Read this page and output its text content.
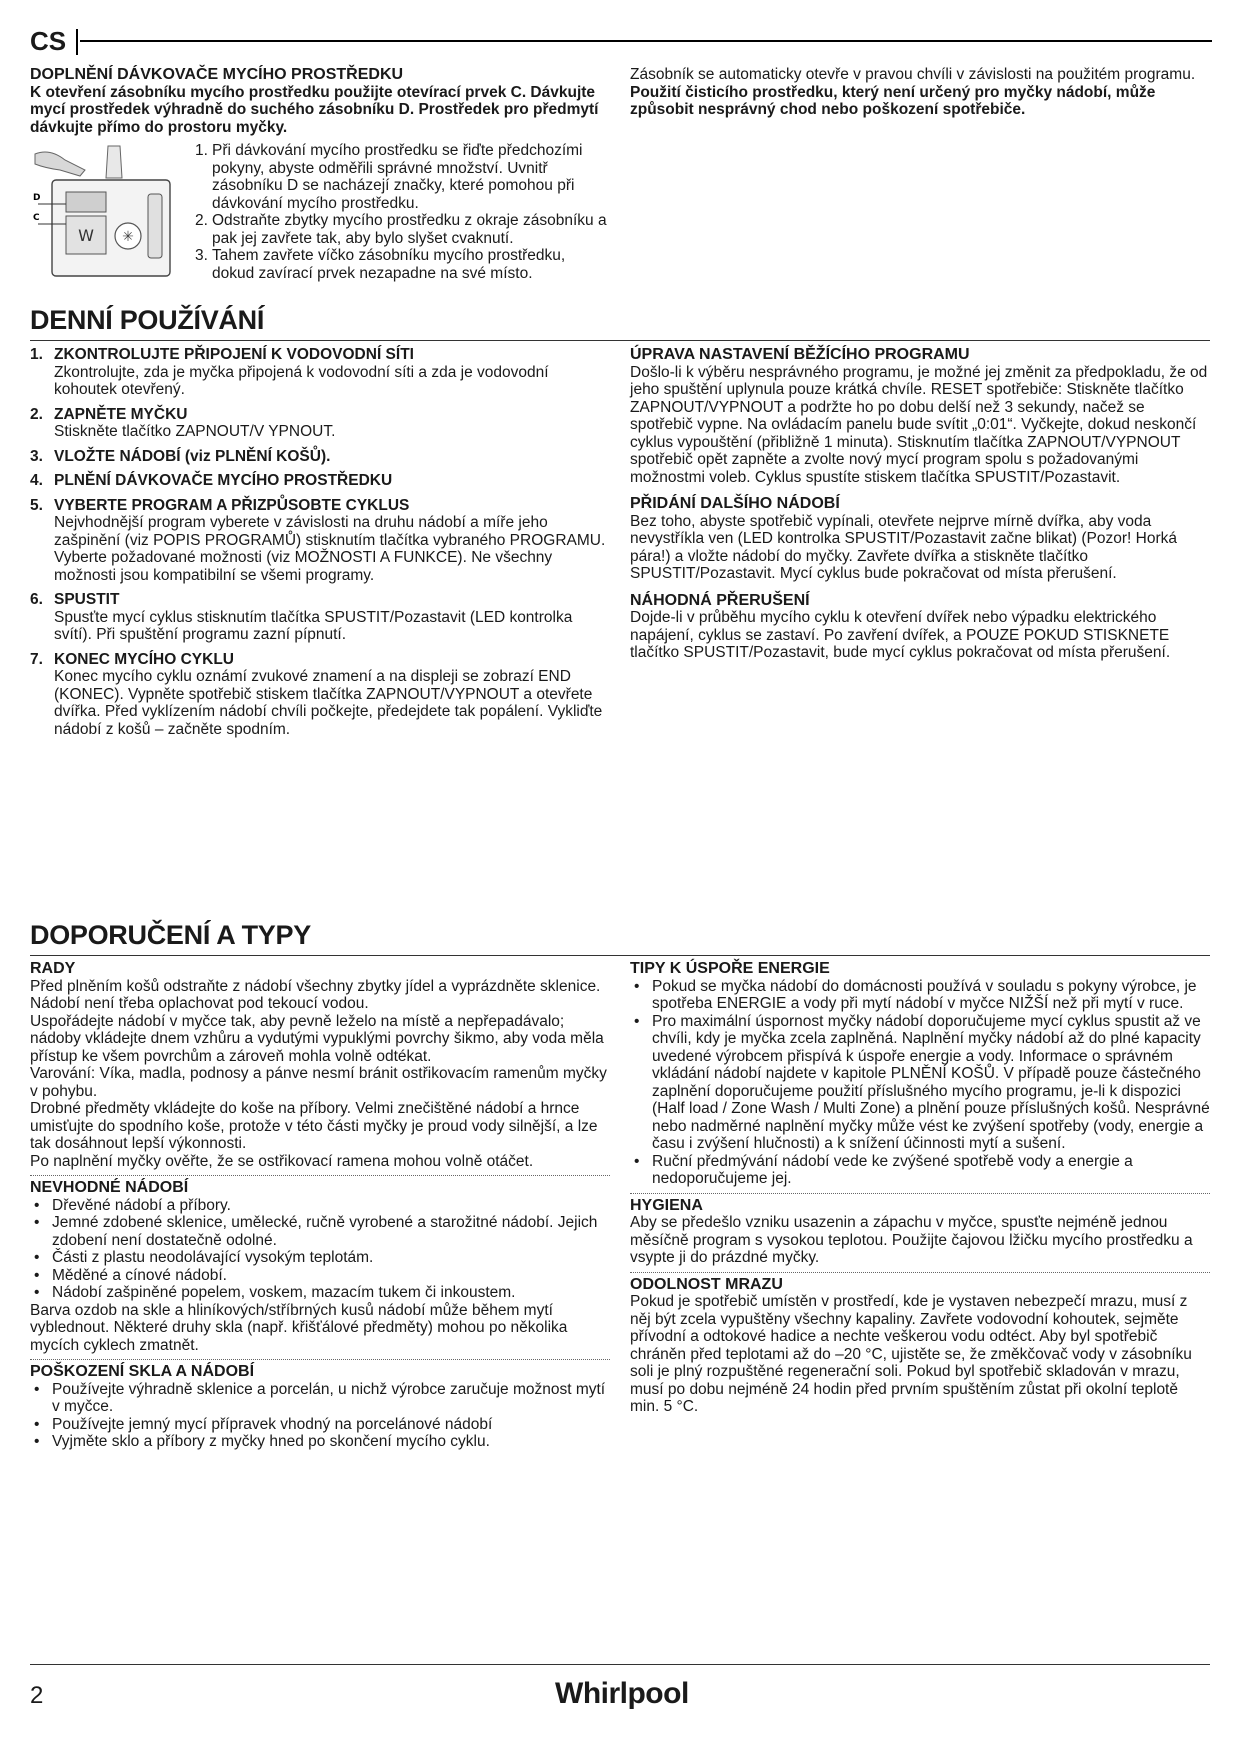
CS

DOPLNĚNÍ DÁVKOVAČE MYCÍHO PROSTŘEDKU

K otevření zásobníku mycího prostředku použijte otevírací prvek C. Dávkujte mycí prostředek výhradně do suchého zásobníku D. Prostředek pro předmytí dávkujte přímo do prostoru myčky.

W ✳
D
C
1. Při dávkování mycího prostředku se řiďte předchozími pokyny, abyste odměřili správné množství. Uvnitř zásobníku D se nacházejí značky, které pomohou při dávkování mycího prostředku.
2. Odstraňte zbytky mycího prostředku z okraje zásobníku a pak jej zavřete tak, aby bylo slyšet cvaknutí.
3. Tahem zavřete víčko zásobníku mycího prostředku, dokud zavírací prvek nezapadne na své místo.

Zásobník se automaticky otevře v pravou chvíli v závislosti na použitém programu.

Použití čisticího prostředku, který není určený pro myčky nádobí, může způsobit nesprávný chod nebo poškození spotřebiče.

DENNÍ POUŽÍVÁNÍ
1. ZKONTROLUJTE PŘIPOJENÍ K VODOVODNÍ SÍTI
Zkontrolujte, zda je myčka připojená k vodovodní síti a zda je vodovodní kohoutek otevřený.
2. ZAPNĚTE MYČKU
Stiskněte tlačítko ZAPNOUT/V YPNOUT.
3. VLOŽTE NÁDOBÍ (viz PLNĚNÍ KOŠŮ).
4. PLNĚNÍ DÁVKOVAČE MYCÍHO PROSTŘEDKU
5. VYBERTE PROGRAM A PŘIZPŮSOBTE CYKLUS
Nejvhodnější program vyberete v závislosti na druhu nádobí a míře jeho zašpinění (viz POPIS PROGRAMŮ) stisknutím tlačítka vybraného PROGRAMU. Vyberte požadované možnosti (viz MOŽNOSTI A FUNKCE). Ne všechny možnosti jsou kompatibilní se všemi programy.
6. SPUSTIT
Spusťte mycí cyklus stisknutím tlačítka SPUSTIT/Pozastavit (LED kontrolka svítí). Při spuštění programu zazní pípnutí.
7. KONEC MYCÍHO CYKLU
Konec mycího cyklu oznámí zvukové znamení a na displeji se zobrazí END (KONEC). Vypněte spotřebič stiskem tlačítka ZAPNOUT/VYPNOUT a otevřete dvířka. Před vyklízením nádobí chvíli počkejte, předejdete tak popálení. Vykliďte nádobí z košů – začněte spodním.

ÚPRAVA NASTAVENÍ BĚŽÍCÍHO PROGRAMU

Došlo-li k výběru nesprávného programu, je možné jej změnit za předpokladu, že od jeho spuštění uplynula pouze krátká chvíle. RESET spotřebiče: Stiskněte tlačítko ZAPNOUT/VYPNOUT a podržte ho po dobu delší než 3 sekundy, načež se spotřebič vypne. Na ovládacím panelu bude svítit „0:01“. Vyčkejte, dokud neskončí cyklus vypouštění (přibližně 1 minuta). Stisknutím tlačítka ZAPNOUT/VYPNOUT spotřebič opět zapněte a zvolte nový mycí program spolu s požadovanými možnostmi voleb. Cyklus spustíte stiskem tlačítka SPUSTIT/Pozastavit.

PŘIDÁNÍ DALŠÍHO NÁDOBÍ

Bez toho, abyste spotřebič vypínali, otevřete nejprve mírně dvířka, aby voda nevystříkla ven (LED kontrolka SPUSTIT/Pozastavit začne blikat) (Pozor! Horká pára!) a vložte nádobí do myčky. Zavřete dvířka a stiskněte tlačítko SPUSTIT/Pozastavit. Mycí cyklus bude pokračovat od místa přerušení.

NÁHODNÁ PŘERUŠENÍ

Dojde-li v průběhu mycího cyklu k otevření dvířek nebo výpadku elektrického napájení, cyklus se zastaví. Po zavření dvířek, a POUZE POKUD STISKNETE tlačítko SPUSTIT/Pozastavit, bude mycí cyklus pokračovat od místa přerušení.

DOPORUČENÍ A TYPY

RADY

Před plněním košů odstraňte z nádobí všechny zbytky jídel a vyprázdněte sklenice. Nádobí není třeba oplachovat pod tekoucí vodou.

Uspořádejte nádobí v myčce tak, aby pevně leželo na místě a nepřepadávalo; nádoby vkládejte dnem vzhůru a vydutými vypuklými povrchy šikmo, aby voda měla přístup ke všem povrchům a zároveň mohla volně odtékat.

Varování: Víka, madla, podnosy a pánve nesmí bránit ostřikovacím ramenům myčky v pohybu.

Drobné předměty vkládejte do koše na příbory. Velmi znečištěné nádobí a hrnce umisťujte do spodního koše, protože v této části myčky je proud vody silnější, a lze tak dosáhnout lepší výkonnosti.

Po naplnění myčky ověřte, že se ostřikovací ramena mohou volně otáčet.

NEVHODNÉ NÁDOBÍ

• Dřevěné nádobí a příbory.
• Jemné zdobené sklenice, umělecké, ručně vyrobené a starožitné nádobí. Jejich zdobení není dostatečně odolné.
• Části z plastu neodolávající vysokým teplotám.
• Měděné a cínové nádobí.
• Nádobí zašpiněné popelem, voskem, mazacím tukem či inkoustem.

Barva ozdob na skle a hliníkových/stříbrných kusů nádobí může během mytí vyblednout. Některé druhy skla (např. křišťálové předměty) mohou po několika mycích cyklech zmatnět.

POŠKOZENÍ SKLA A NÁDOBÍ

• Používejte výhradně sklenice a porcelán, u nichž výrobce zaručuje možnost mytí v myčce.
• Používejte jemný mycí přípravek vhodný na porcelánové nádobí
• Vyjměte sklo a příbory z myčky hned po skončení mycího cyklu.

TIPY K ÚSPOŘE ENERGIE

• Pokud se myčka nádobí do domácnosti používá v souladu s pokyny výrobce, je spotřeba ENERGIE a vody při mytí nádobí v myčce NIŽŠÍ než při mytí v ruce.
• Pro maximální úspornost myčky nádobí doporučujeme mycí cyklus spustit až ve chvíli, kdy je myčka zcela zaplněná. Naplnění myčky nádobí až do plné kapacity uvedené výrobcem přispívá k úspoře energie a vody. Informace o správném vkládání nádobí najdete v kapitole PLNĚNÍ KOŠŮ. V případě pouze částečného zaplnění doporučujeme použití příslušného mycího programu, je-li k dispozici (Half load / Zone Wash / Multi Zone) a plnění pouze příslušných košů. Nesprávné nebo nadměrné naplnění myčky může vést ke zvýšení spotřeby (vody, energie a času i zvýšení hlučnosti) a k snížení účinnosti mytí a sušení.
• Ruční předmývání nádobí vede ke zvýšené spotřebě vody a energie a nedoporučujeme jej.

HYGIENA

Aby se předešlo vzniku usazenin a zápachu v myčce, spusťte nejméně jednou měsíčně program s vysokou teplotou. Použijte čajovou lžičku mycího prostředku a vsypte ji do prázdné myčky.

ODOLNOST MRAZU

Pokud je spotřebič umístěn v prostředí, kde je vystaven nebezpečí mrazu, musí z něj být zcela vypuštěny všechny kapaliny. Zavřete vodovodní kohoutek, sejměte přívodní a odtokové hadice a nechte veškerou vodu odtéct. Aby byl spotřebič chráněn před teplotami až do –20 °C, ujistěte se, že změkčovač vody v zásobníku soli je plný rozpuštěné regenerační soli. Pokud byl spotřebič skladován v mrazu, musí po dobu nejméně 24 hodin před prvním spuštěním zůstat při okolní teplotě min. 5 °C.

2	Whirlpool
